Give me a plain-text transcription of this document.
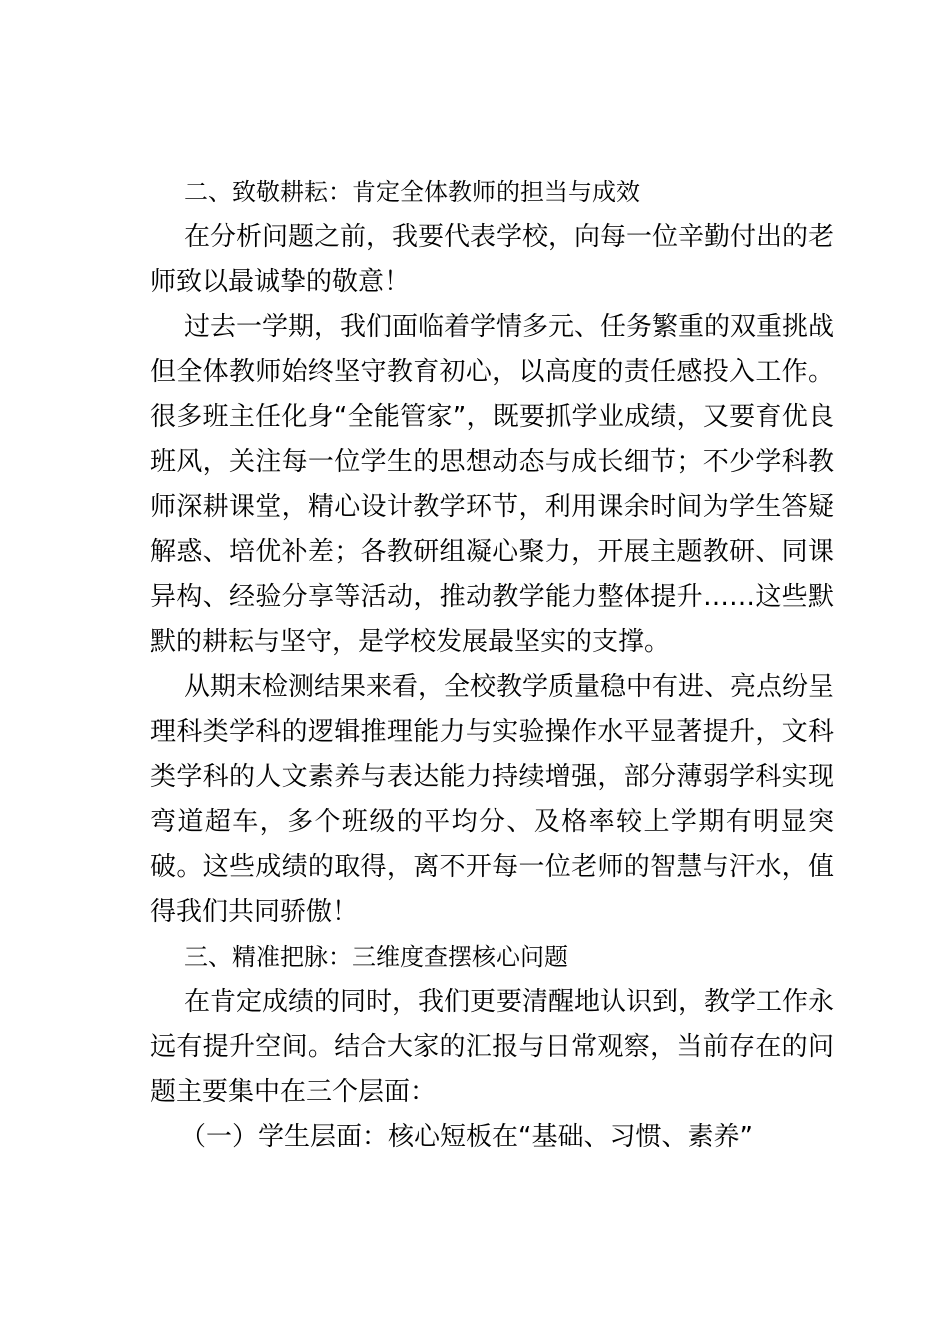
二、致敬耕耘：肯定全体教师的担当与成效

在分析问题之前，我要代表学校，向每一位辛勤付出的老师致以最诚挚的敬意！

过去一学期，我们面临着学情多元、任务繁重的双重挑战但全体教师始终坚守教育初心，以高度的责任感投入工作。很多班主任化身“全能管家”，既要抓学业成绩，又要育优良班风，关注每一位学生的思想动态与成长细节；不少学科教师深耕课堂，精心设计教学环节，利用课余时间为学生答疑解惑、培优补差；各教研组凝心聚力，开展主题教研、同课异构、经验分享等活动，推动教学能力整体提升……这些默默的耕耘与坚守，是学校发展最坚实的支撑。

从期末检测结果来看，全校教学质量稳中有进、亮点纷呈理科类学科的逻辑推理能力与实验操作水平显著提升，文科类学科的人文素养与表达能力持续增强，部分薄弱学科实现弯道超车，多个班级的平均分、及格率较上学期有明显突破。这些成绩的取得，离不开每一位老师的智慧与汗水，值得我们共同骄傲！

三、精准把脉：三维度查摆核心问题

在肯定成绩的同时，我们更要清醒地认识到，教学工作永远有提升空间。结合大家的汇报与日常观察，当前存在的问题主要集中在三个层面：

（一）学生层面：核心短板在“基础、习惯、素养”
